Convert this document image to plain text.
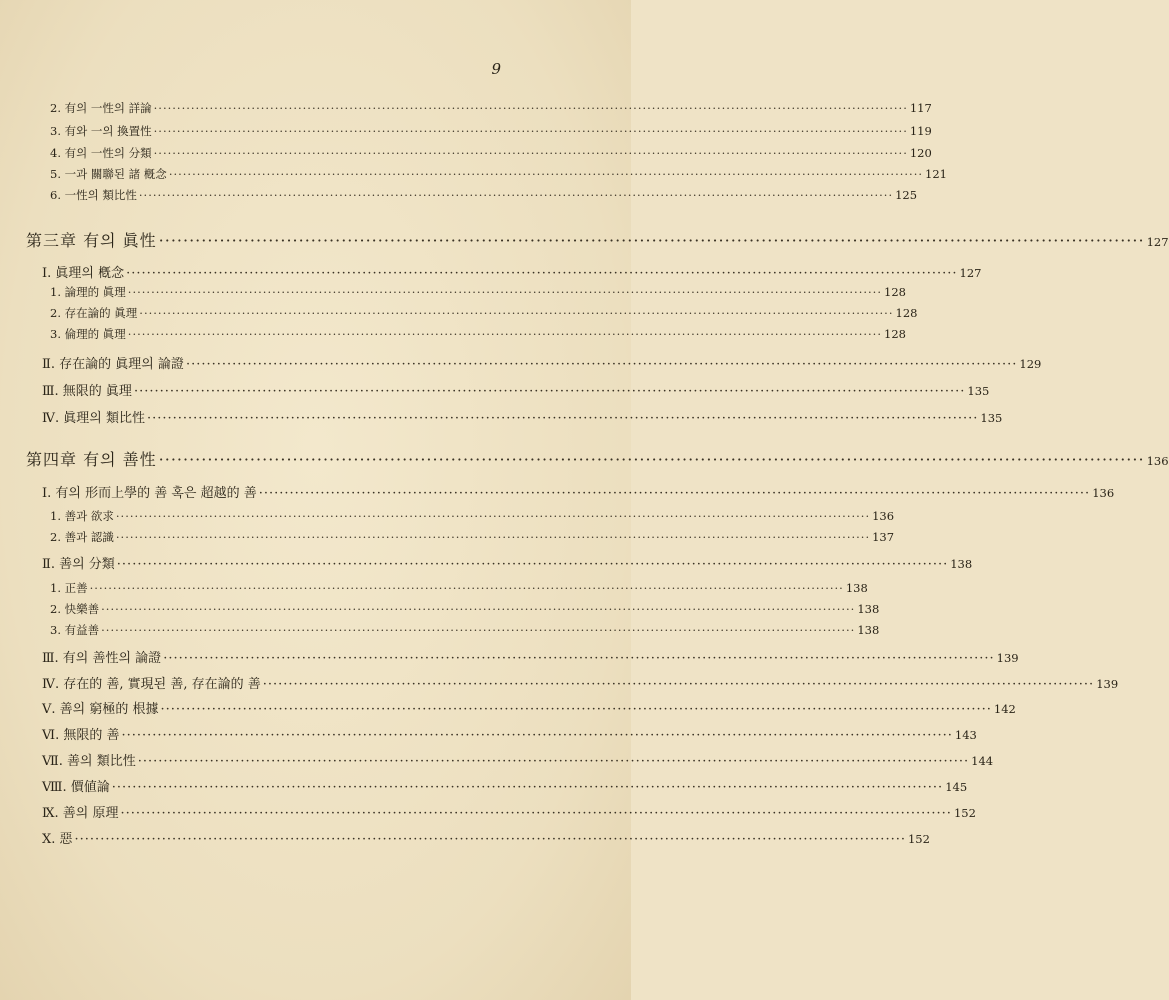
9
2. 有의 一性의 詳論 ·································································································································································· 117
3. 有와 一의 換置性 ·································································································································································· 119
4. 有의 一性의 分類 ·································································································································································· 120
5. 一과 關聯된 諸 槪念 ·································································································································································· 121
6. 一性의 類比性 ·································································································································································· 125
第三章 有의 眞性 ·································································································································································· 127
Ⅰ. 眞理의 槪念 ·································································································································································· 127
1. 論理的 眞理 ·································································································································································· 128
2. 存在論的 眞理 ·································································································································································· 128
3. 倫理的 眞理 ·································································································································································· 128
Ⅱ. 存在論的 眞理의 論證 ·································································································································································· 129
Ⅲ. 無限的 眞理 ·································································································································································· 135
Ⅳ. 眞理의 類比性 ·································································································································································· 135
第四章 有의 善性 ·································································································································································· 136
Ⅰ. 有의 形而上學的 善 혹은 超越的 善 ·································································································································································· 136
1. 善과 欲求 ·································································································································································· 136
2. 善과 認識 ·································································································································································· 137
Ⅱ. 善의 分類 ·································································································································································· 138
1. 正善 ·································································································································································· 138
2. 快樂善 ·································································································································································· 138
3. 有益善 ·································································································································································· 138
Ⅲ. 有의 善性의 論證 ·································································································································································· 139
Ⅳ. 存在的 善, 實現된 善, 存在論的 善 ·································································································································································· 139
Ⅴ. 善의 窮極的 根據 ·································································································································································· 142
Ⅵ. 無限的 善 ·································································································································································· 143
Ⅶ. 善의 類比性 ·································································································································································· 144
Ⅷ. 價値論 ·································································································································································· 145
Ⅸ. 善의 原理 ·································································································································································· 152
Ⅹ. 惡 ·································································································································································· 152
